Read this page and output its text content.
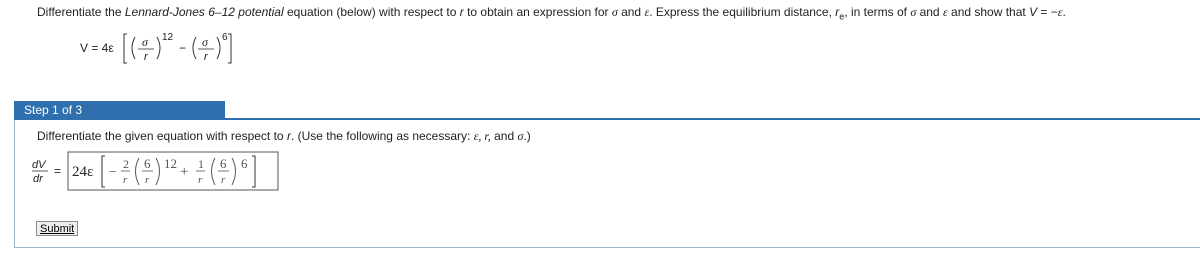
Differentiate the Lennard-Jones 6–12 potential equation (below) with respect to r to obtain an expression for σ and ε. Express the equilibrium distance, $r_e$, in terms of σ and ε and show that V = −ε.
V = 4ε σ
r
12
− σ
r
6
Step 1 of 3
Differentiate the given equation with respect to r. (Use the following as necessary: ε, r, and σ.)
dV
dr
= 24ε −
2
r
6
r
12
+ 1
r
6
r
6
Submit
